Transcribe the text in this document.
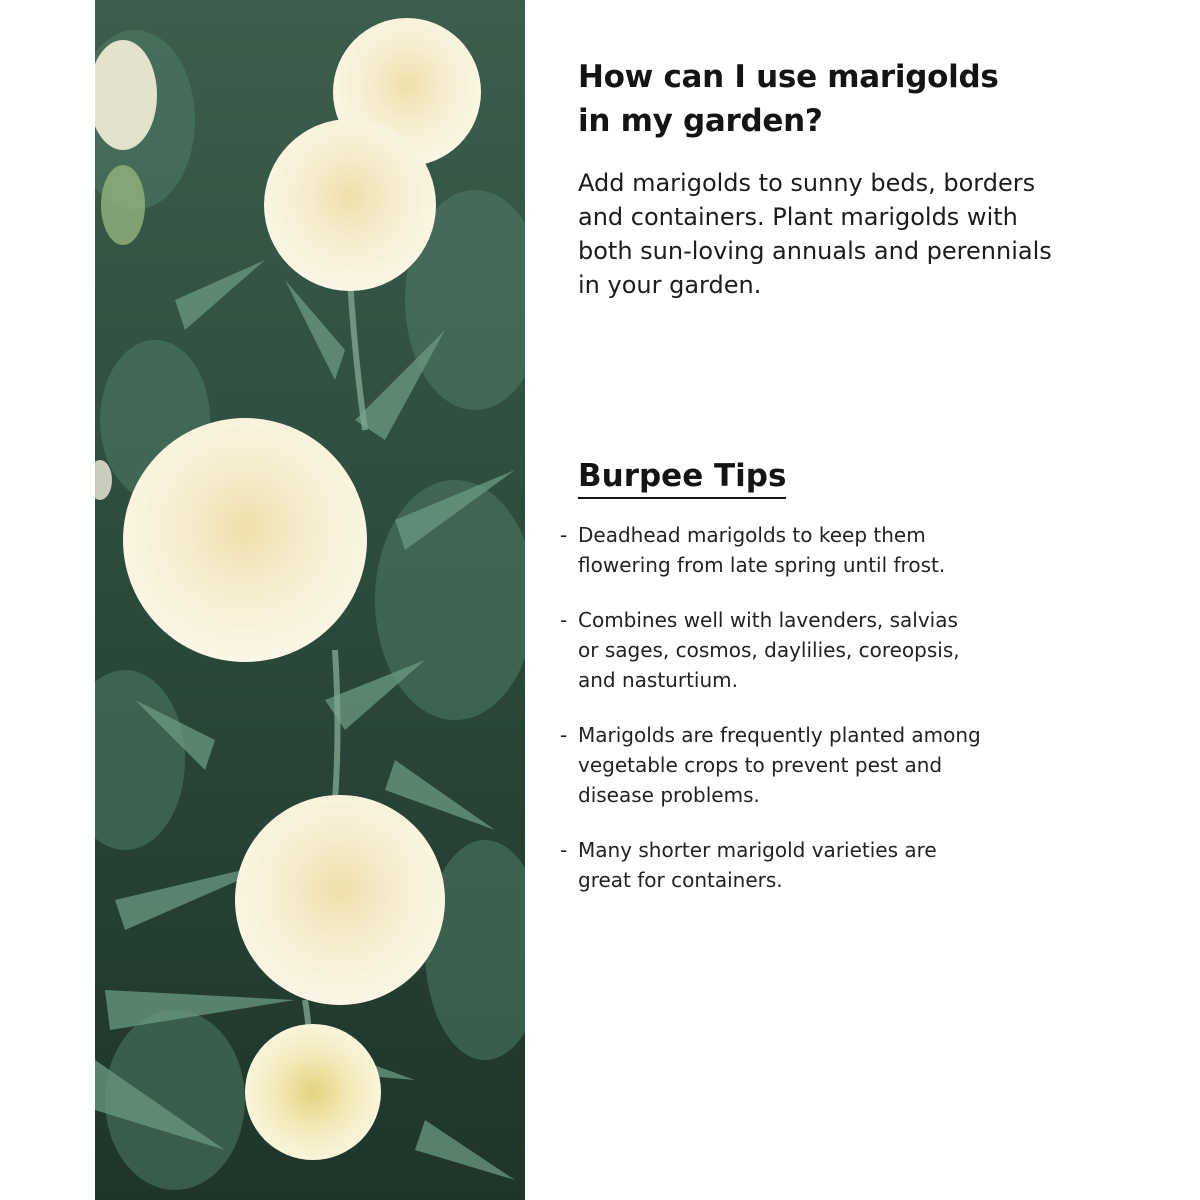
How can I use marigolds
in my garden?

Add marigolds to sunny beds, borders
and containers. Plant marigolds with
both sun-loving annuals and perennials
in your garden.

Burpee Tips
- Deadhead marigolds to keep them
flowering from late spring until frost.
- Combines well with lavenders, salvias
or sages, cosmos, daylilies, coreopsis,
and nasturtium.
- Marigolds are frequently planted among
vegetable crops to prevent pest and
disease problems.
- Many shorter marigold varieties are
great for containers.
